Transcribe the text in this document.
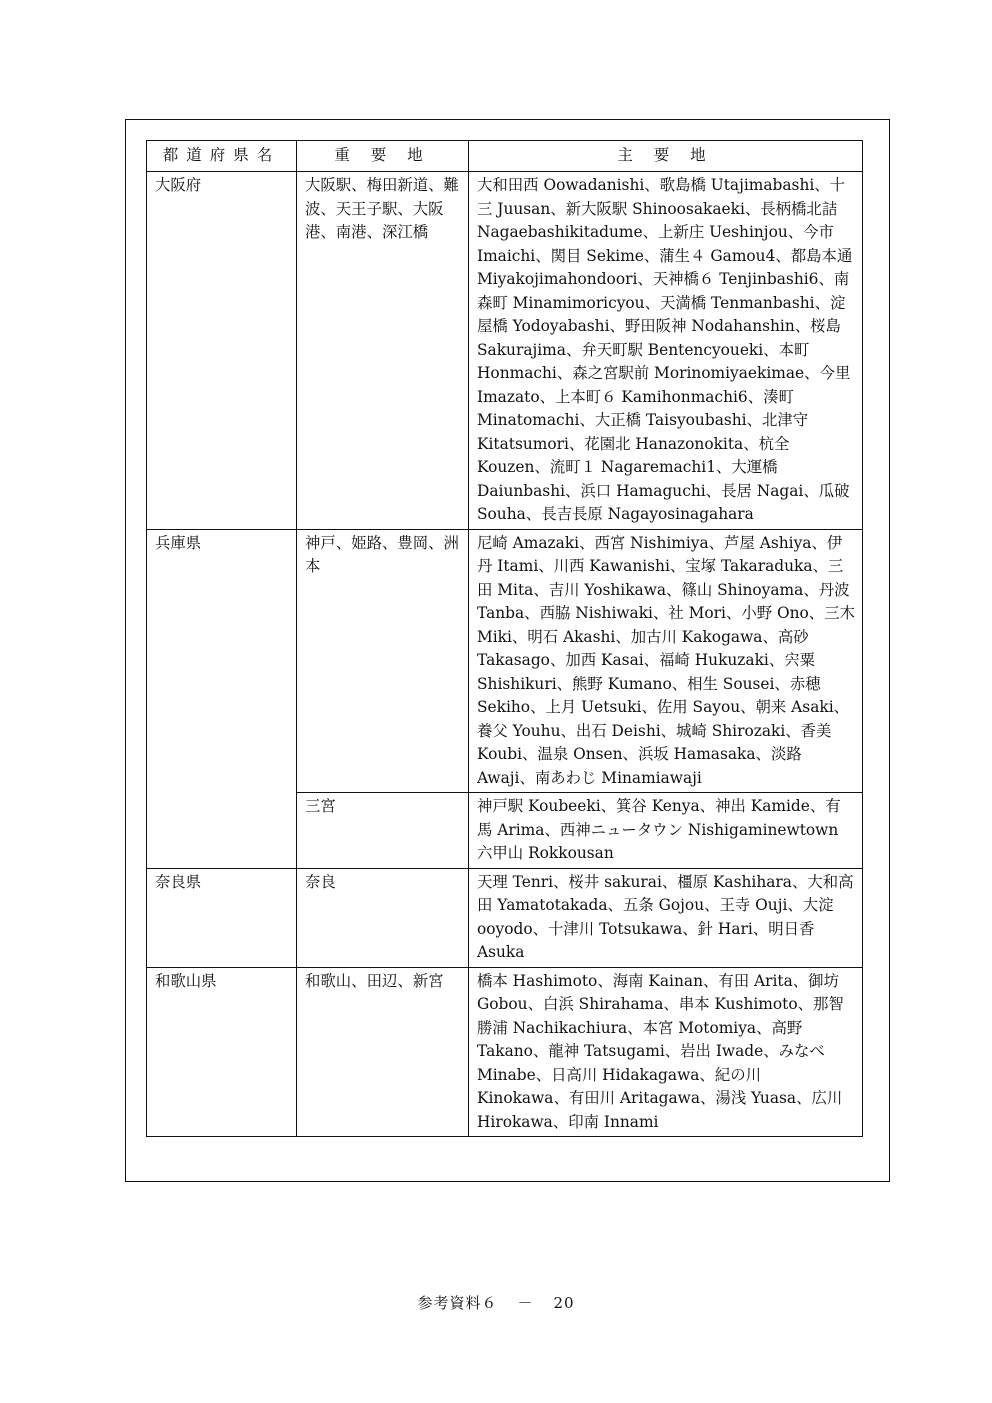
都道府県名	重 要 地	主 要 地
大阪府	大阪駅、梅田新道、難波、天王子駅、大阪港、南港、深江橋	大和田西 Oowadanishi、歌島橋 Utajimabashi、十三 Juusan、新大阪駅 Shinoosakaeki、長柄橋北詰 Nagaebashikitadume、上新庄 Ueshinjou、今市 Imaichi、関目 Sekime、蒲生４ Gamou4、都島本通 Miyakojimahondoori、天神橋６ Tenjinbashi6、南森町 Minamimoricyou、天満橋 Tenmanbashi、淀屋橋 Yodoyabashi、野田阪神 Nodahanshin、桜島 Sakurajima、弁天町駅 Bentencyoueki、本町 Honmachi、森之宮駅前 Morinomiyaekimae、今里 Imazato、上本町６ Kamihonmachi6、湊町 Minatomachi、大正橋 Taisyoubashi、北津守 Kitatsumori、花園北 Hanazonokita、杭全 Kouzen、流町１ Nagaremachi1、大運橋 Daiunbashi、浜口 Hamaguchi、長居 Nagai、瓜破 Souha、長吉長原 Nagayosinagahara
兵庫県	神戸、姫路、豊岡、洲本	尼崎 Amazaki、西宮 Nishimiya、芦屋 Ashiya、伊丹 Itami、川西 Kawanishi、宝塚 Takaraduka、三田 Mita、吉川 Yoshikawa、篠山 Shinoyama、丹波 Tanba、西脇 Nishiwaki、社 Mori、小野 Ono、三木 Miki、明石 Akashi、加古川 Kakogawa、高砂 Takasago、加西 Kasai、福崎 Hukuzaki、宍粟 Shishikuri、熊野 Kumano、相生 Sousei、赤穂 Sekiho、上月 Uetsuki、佐用 Sayou、朝来 Asaki、養父 Youhu、出石 Deishi、城崎 Shirozaki、香美 Koubi、温泉 Onsen、浜坂 Hamasaka、淡路 Awaji、南あわじ Minamiawaji
	三宮	神戸駅 Koubeeki、箕谷 Kenya、神出 Kamide、有馬 Arima、西神ニュータウン Nishigaminewtown 六甲山 Rokkousan
奈良県	奈良	天理 Tenri、桜井 sakurai、橿原 Kashihara、大和高田 Yamatotakada、五条 Gojou、王寺 Ouji、大淀 ooyodo、十津川 Totsukawa、針 Hari、明日香 Asuka
和歌山県	和歌山、田辺、新宮	橋本 Hashimoto、海南 Kainan、有田 Arita、御坊 Gobou、白浜 Shirahama、串本 Kushimoto、那智勝浦 Nachikachiura、本宮 Motomiya、高野 Takano、龍神 Tatsugami、岩出 Iwade、みなべ Minabe、日高川 Hidakagawa、紀の川 Kinokawa、有田川 Aritagawa、湯浅 Yuasa、広川 Hirokawa、印南 Innami
参考資料６ － 20
